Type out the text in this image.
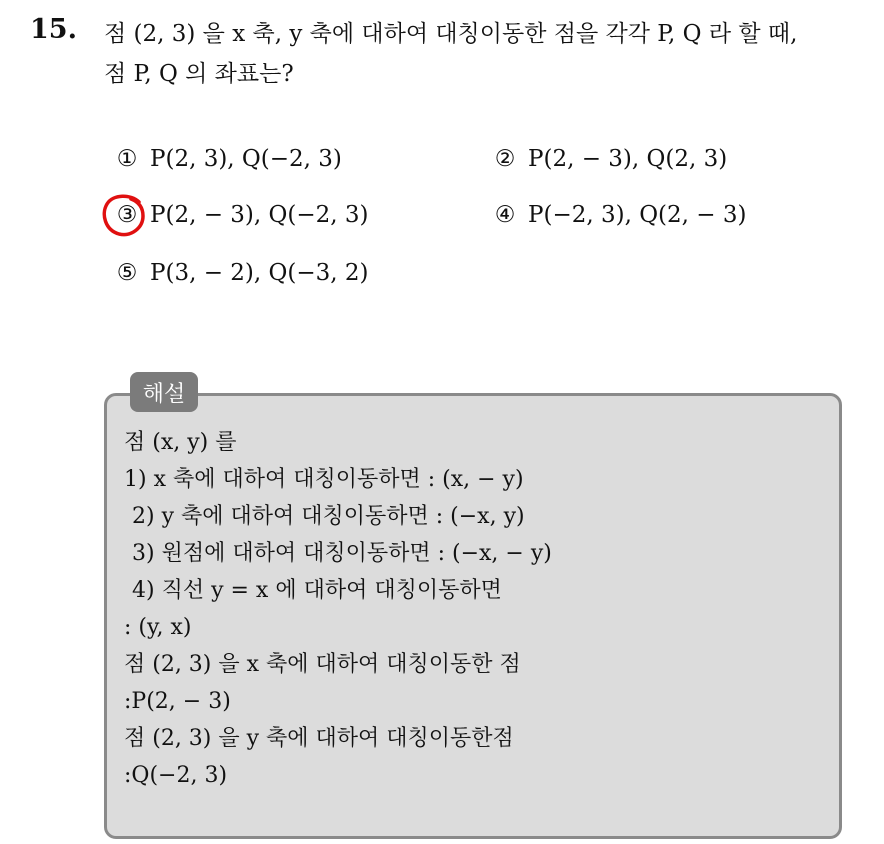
15. 점 (2, 3) 을 x 축, y 축에 대하여 대칭이동한 점을 각각 P, Q 라 할 때,
점 P, Q 의 좌표는?
① P(2, 3), Q(−2, 3)	② P(2, − 3), Q(2, 3)
③ P(2, − 3), Q(−2, 3)	④ P(−2, 3), Q(2, − 3)
⑤ P(3, − 2), Q(−3, 2)
해설
점 (x, y) 를
1) x 축에 대하여 대칭이동하면 : (x, − y)
2) y 축에 대하여 대칭이동하면 : (−x, y)
3) 원점에 대하여 대칭이동하면 : (−x, − y)
4) 직선 y = x 에 대하여 대칭이동하면
: (y, x)
점 (2, 3) 을 x 축에 대하여 대칭이동한 점
:P(2, − 3)
점 (2, 3) 을 y 축에 대하여 대칭이동한점
:Q(−2, 3)
